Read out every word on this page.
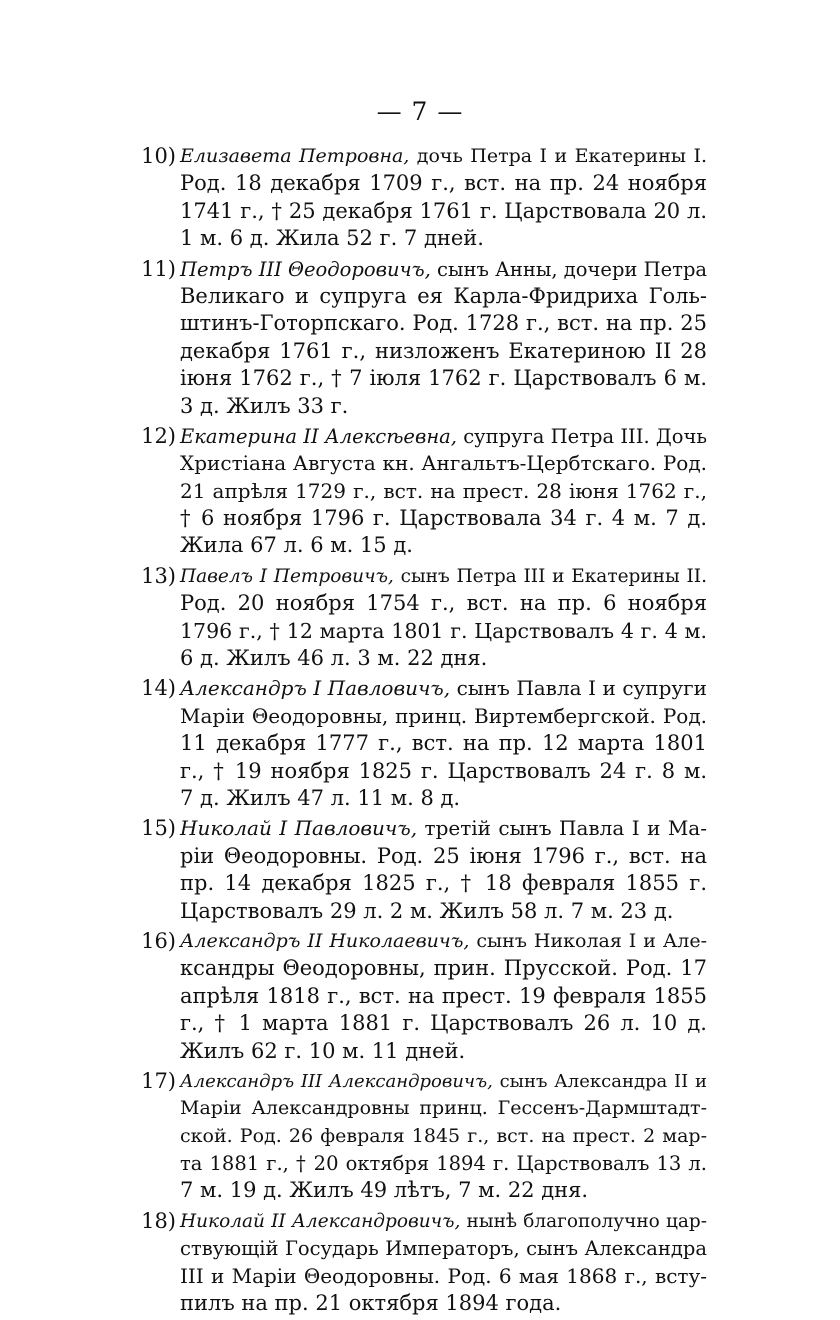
— 7 —
10) Елизавета Петровна, дочь Петра I и Екатерины I.
Род. 18 декабря 1709 г., вст. на пр. 24 ноября
1741 г., † 25 декабря 1761 г. Царствовала 20 л.
1 м. 6 д. Жила 52 г. 7 дней.
11) Петръ III Θеодоровичъ, сынъ Анны, дочери Петра
Великаго и супруга ея Карла-Фридриха Голь-
штинъ-Готорпскаго. Род. 1728 г., вст. на пр. 25
декабря 1761 г., низложенъ Екатериною II 28
іюня 1762 г., † 7 іюля 1762 г. Царствовалъ 6 м.
3 д. Жилъ 33 г.
12) Екатерина II Алексѣевна, супруга Петра III. Дочь
Христіана Августа кн. Ангальтъ-Цербтскаго. Род.
21 апрѣля 1729 г., вст. на прест. 28 іюня 1762 г.,
† 6 ноября 1796 г. Царствовала 34 г. 4 м. 7 д.
Жила 67 л. 6 м. 15 д.
13) Павелъ I Петровичъ, сынъ Петра III и Екатерины II.
Род. 20 ноября 1754 г., вст. на пр. 6 ноября
1796 г., † 12 марта 1801 г. Царствовалъ 4 г. 4 м.
6 д. Жилъ 46 л. 3 м. 22 дня.
14) Александръ I Павловичъ, сынъ Павла I и супруги
Маріи Θеодоровны, принц. Виртембергской. Род.
11 декабря 1777 г., вст. на пр. 12 марта 1801
г., † 19 ноября 1825 г. Царствовалъ 24 г. 8 м.
7 д. Жилъ 47 л. 11 м. 8 д.
15) Николай I Павловичъ, третій сынъ Павла I и Ма-
ріи Θеодоровны. Род. 25 іюня 1796 г., вст. на
пр. 14 декабря 1825 г., † 18 февраля 1855 г.
Царствовалъ 29 л. 2 м. Жилъ 58 л. 7 м. 23 д.
16) Александръ II Николаевичъ, сынъ Николая I и Але-
ксандры Θеодоровны, прин. Прусской. Род. 17
апрѣля 1818 г., вст. на прест. 19 февраля 1855
г., † 1 марта 1881 г. Царствовалъ 26 л. 10 д.
Жилъ 62 г. 10 м. 11 дней.
17) Александръ III Александровичъ, сынъ Александра II и
Маріи Александровны принц. Гессенъ-Дармштадт-
ской. Род. 26 февраля 1845 г., вст. на прест. 2 мар-
та 1881 г., † 20 октября 1894 г. Царствовалъ 13 л.
7 м. 19 д. Жилъ 49 лѣтъ, 7 м. 22 дня.
18) Николай II Александровичъ, нынѣ благополучно цар-
ствующій Государь Императоръ, сынъ Александра
III и Маріи Θеодоровны. Род. 6 мая 1868 г., всту-
пилъ на пр. 21 октября 1894 года.
